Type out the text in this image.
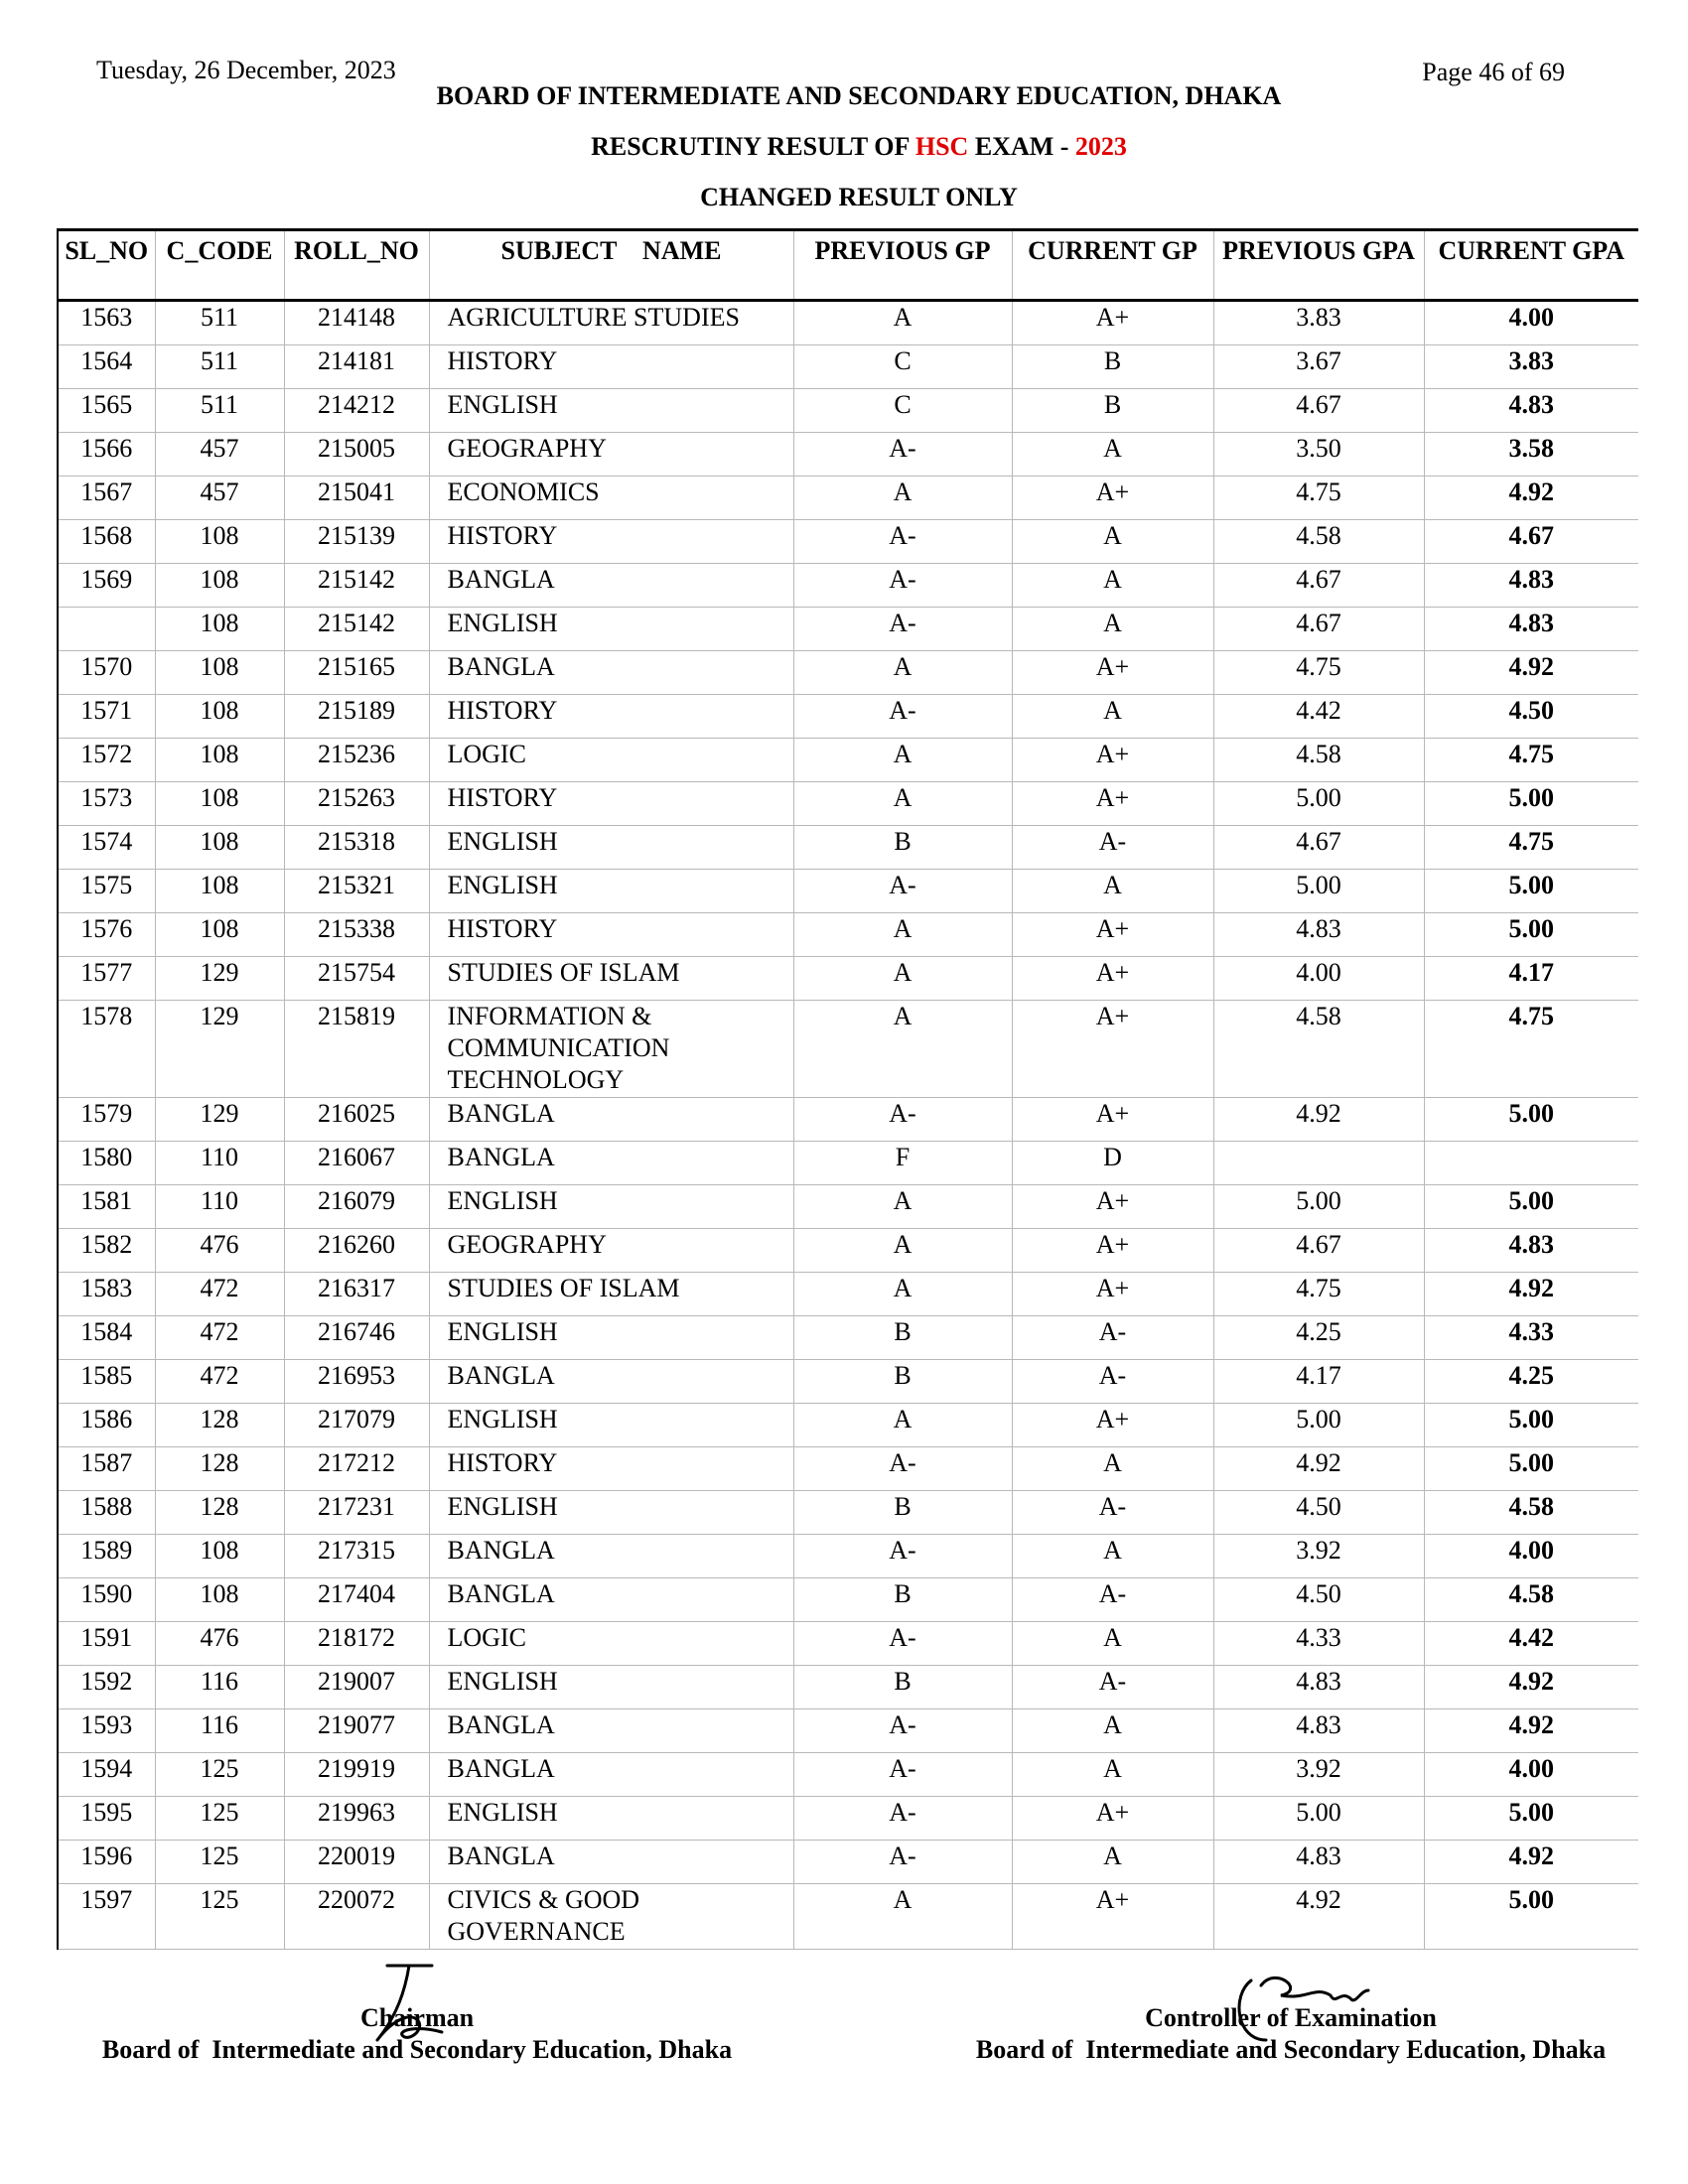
Tuesday, 26 December, 2023	Page 46 of 69
BOARD OF INTERMEDIATE AND SECONDARY EDUCATION, DHAKA
RESCRUTINY RESULT OF HSC EXAM - 2023
CHANGED RESULT ONLY
SL_NO	C_CODE	ROLL_NO	SUBJECT    NAME	PREVIOUS GP	CURRENT GP	PREVIOUS GPA	CURRENT GPA
1563	511	214148	AGRICULTURE STUDIES	A	A+	3.83	4.00
1564	511	214181	HISTORY	C	B	3.67	3.83
1565	511	214212	ENGLISH	C	B	4.67	4.83
1566	457	215005	GEOGRAPHY	A-	A	3.50	3.58
1567	457	215041	ECONOMICS	A	A+	4.75	4.92
1568	108	215139	HISTORY	A-	A	4.58	4.67
1569	108	215142	BANGLA	A-	A	4.67	4.83
	108	215142	ENGLISH	A-	A	4.67	4.83
1570	108	215165	BANGLA	A	A+	4.75	4.92
1571	108	215189	HISTORY	A-	A	4.42	4.50
1572	108	215236	LOGIC	A	A+	4.58	4.75
1573	108	215263	HISTORY	A	A+	5.00	5.00
1574	108	215318	ENGLISH	B	A-	4.67	4.75
1575	108	215321	ENGLISH	A-	A	5.00	5.00
1576	108	215338	HISTORY	A	A+	4.83	5.00
1577	129	215754	STUDIES OF ISLAM	A	A+	4.00	4.17
1578	129	215819	INFORMATION & COMMUNICATION TECHNOLOGY	A	A+	4.58	4.75
1579	129	216025	BANGLA	A-	A+	4.92	5.00
1580	110	216067	BANGLA	F	D		
1581	110	216079	ENGLISH	A	A+	5.00	5.00
1582	476	216260	GEOGRAPHY	A	A+	4.67	4.83
1583	472	216317	STUDIES OF ISLAM	A	A+	4.75	4.92
1584	472	216746	ENGLISH	B	A-	4.25	4.33
1585	472	216953	BANGLA	B	A-	4.17	4.25
1586	128	217079	ENGLISH	A	A+	5.00	5.00
1587	128	217212	HISTORY	A-	A	4.92	5.00
1588	128	217231	ENGLISH	B	A-	4.50	4.58
1589	108	217315	BANGLA	A-	A	3.92	4.00
1590	108	217404	BANGLA	B	A-	4.50	4.58
1591	476	218172	LOGIC	A-	A	4.33	4.42
1592	116	219007	ENGLISH	B	A-	4.83	4.92
1593	116	219077	BANGLA	A-	A	4.83	4.92
1594	125	219919	BANGLA	A-	A	3.92	4.00
1595	125	219963	ENGLISH	A-	A+	5.00	5.00
1596	125	220019	BANGLA	A-	A	4.83	4.92
1597	125	220072	CIVICS & GOOD GOVERNANCE	A	A+	4.92	5.00
Chairman
Board of  Intermediate and Secondary Education, Dhaka
Controller of Examination
Board of  Intermediate and Secondary Education, Dhaka
